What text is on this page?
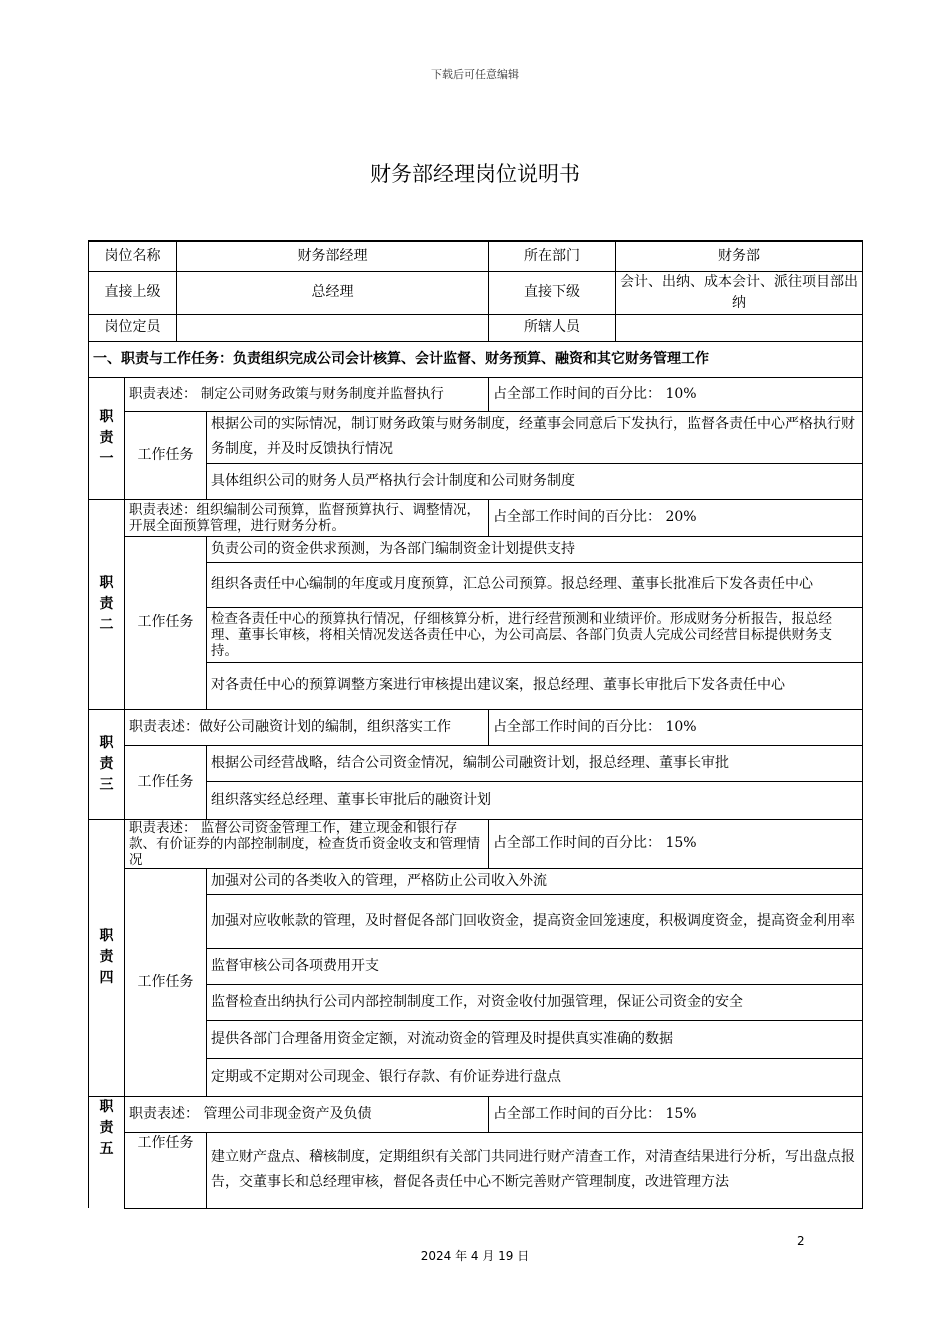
下载后可任意编辑
财务部经理岗位说明书
岗位名称		财务部经理		所在部门	财务部
直接上级		总经理		直接下级	会计、出纳、成本会计、派往项目部出纳
岗位定员				所辖人员	
一、职责与工作任务：负责组织完成公司会计核算、会计监督、财务预算、融资和其它财务管理工作					
职责一	职责表述： 制定公司财务政策与财务制度并监督执行			占全部工作时间的百分比： 10%	
	工作任务		根据公司的实际情况，制订财务政策与财务制度，经董事会同意后下发执行，监督各责任中心严格执行财务制度，并及时反馈执行情况		
			具体组织公司的财务人员严格执行会计制度和公司财务制度		
职责二	职责表述：组织编制公司预算，监督预算执行、调整情况，开展全面预算管理，进行财务分析。			占全部工作时间的百分比： 20%	
	工作任务		负责公司的资金供求预测，为各部门编制资金计划提供支持		
			组织各责任中心编制的年度或月度预算，汇总公司预算。报总经理、董事长批准后下发各责任中心		
			检查各责任中心的预算执行情况，仔细核算分析，进行经营预测和业绩评价。形成财务分析报告，报总经理、董事长审核，将相关情况发送各责任中心，为公司高层、各部门负责人完成公司经营目标提供财务支持。		
			对各责任中心的预算调整方案进行审核提出建议案，报总经理、董事长审批后下发各责任中心		
职责三	职责表述：做好公司融资计划的编制，组织落实工作			占全部工作时间的百分比： 10%	
	工作任务		根据公司经营战略，结合公司资金情况，编制公司融资计划，报总经理、董事长审批		
			组织落实经总经理、董事长审批后的融资计划		
职责四	职责表述： 监督公司资金管理工作，建立现金和银行存款、有价证券的内部控制制度，检查货币资金收支和管理情况			占全部工作时间的百分比： 15%	
	工作任务		加强对公司的各类收入的管理，严格防止公司收入外流		
			加强对应收帐款的管理，及时督促各部门回收资金，提高资金回笼速度，积极调度资金，提高资金利用率		
			监督审核公司各项费用开支		
			监督检查出纳执行公司内部控制制度工作，对资金收付加强管理，保证公司资金的安全		
			提供各部门合理备用资金定额，对流动资金的管理及时提供真实准确的数据		
			定期或不定期对公司现金、银行存款、有价证券进行盘点		
职责五	职责表述： 管理公司非现金资产及负债			占全部工作时间的百分比： 15%	
	工作任务		建立财产盘点、稽核制度，定期组织有关部门共同进行财产清查工作，对清查结果进行分析，写出盘点报告，交董事长和总经理审核，督促各责任中心不断完善财产管理制度，改进管理方法		
2
2024 年 4 月 19 日
